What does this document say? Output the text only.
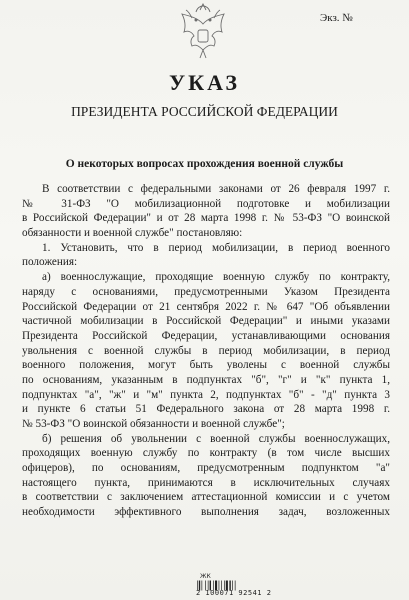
Экз. №
УКАЗ
ПРЕЗИДЕНТА РОССИЙСКОЙ ФЕДЕРАЦИИ
О некоторых вопросах прохождения военной службы
В соответствии с федеральными законами от 26 февраля 1997 г.
№ 31-ФЗ "О мобилизационной подготовке и мобилизации
в Российской Федерации" и от 28 марта 1998 г. № 53-ФЗ "О воинской
обязанности и военной службе" постановляю:
1. Установить, что в период мобилизации, в период военного
положения:
а) военнослужащие, проходящие военную службу по контракту,
наряду с основаниями, предусмотренными Указом Президента
Российской Федерации от 21 сентября 2022 г. № 647 "Об объявлении
частичной мобилизации в Российской Федерации" и иными указами
Президента Российской Федерации, устанавливающими основания
увольнения с военной службы в период мобилизации, в период
военного положения, могут быть уволены с военной службы
по основаниям, указанным в подпунктах "б", "г" и "к" пункта 1,
подпунктах "а", "ж" и "м" пункта 2, подпунктах "б" - "д" пункта 3
и пункте 6 статьи 51 Федерального закона от 28 марта 1998 г.
№ 53-ФЗ "О воинской обязанности и военной службе";
б) решения об увольнении с военной службы военнослужащих,
проходящих военную службу по контракту (в том числе высших
офицеров), по основаниям, предусмотренным подпунктом "а"
настоящего пункта, принимаются в исключительных случаях
в соответствии с заключением аттестационной комиссии и с учетом
необходимости эффективного выполнения задач, возложенных
ЖК
2 100071 92541 2
